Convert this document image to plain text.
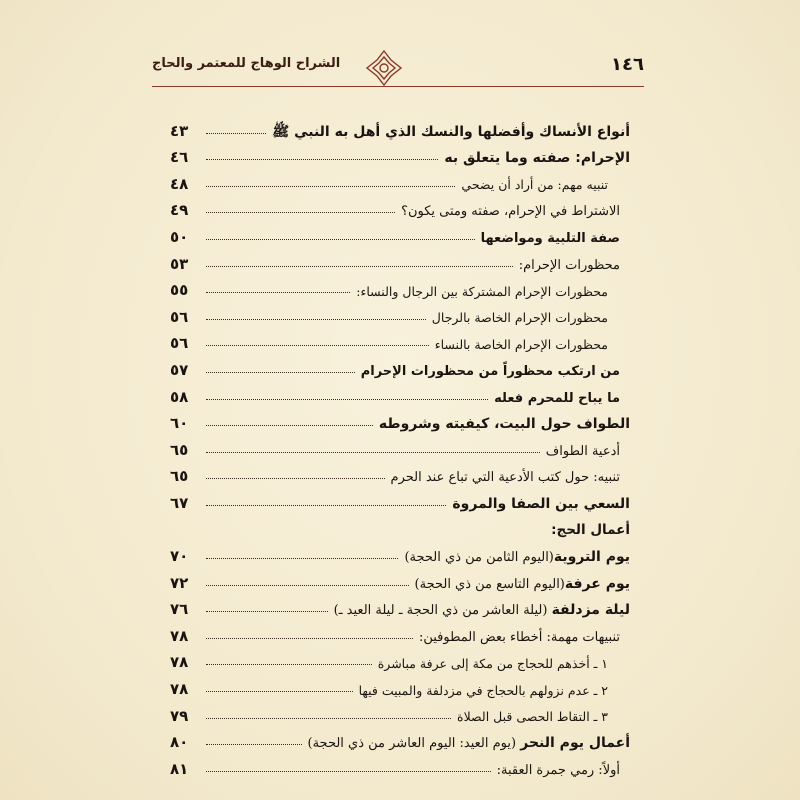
١٤٦
الشراح الوهاج للمعتمر والحاج
أنواع الأنساك وأفضلها والنسك الذي أهل به النبي ﷺ
٤٣
الإحرام: صفته وما يتعلق به
٤٦
تنبيه مهم: من أراد أن يضحي
٤٨
الاشتراط في الإحرام، صفته ومتى يكون؟
٤٩
صفة التلبية ومواضعها
٥٠
محظورات الإحرام:
٥٣
محظورات الإحرام المشتركة بين الرجال والنساء:
٥٥
محظورات الإحرام الخاصة بالرجال
٥٦
محظورات الإحرام الخاصة بالنساء
٥٦
من ارتكب محظوراً من محظورات الإحرام
٥٧
ما يباح للمحرم فعله
٥٨
الطواف حول البيت، كيفيته وشروطه
٦٠
أدعية الطواف
٦٥
تنبيه: حول كتب الأدعية التي تباع عند الحرم
٦٥
السعي بين الصفا والمروة
٦٧
أعمال الحج:
يوم التروية(اليوم الثامن من ذي الحجة)
٧٠
يوم عرفة(اليوم التاسع من ذي الحجة)
٧٢
ليلة مزدلفة (ليلة العاشر من ذي الحجة ـ ليلة العيد ـ)
٧٦
تنبيهات مهمة: أخطاء بعض المطوفين:
٧٨
١ ـ أخذهم للحجاج من مكة إلى عرفة مباشرة
٧٨
٢ ـ عدم نزولهم بالحجاج في مزدلفة والمبيت فيها
٧٨
٣ ـ التقاط الحصى قبل الصلاة
٧٩
أعمال يوم النحر (يوم العيد: اليوم العاشر من ذي الحجة)
٨٠
أولاً: رمي جمرة العقبة:
٨١
